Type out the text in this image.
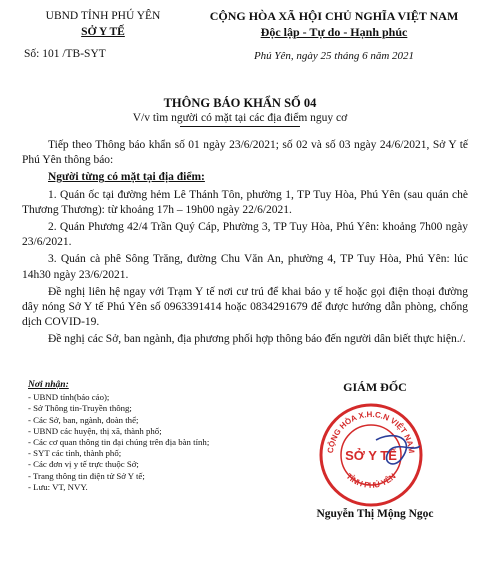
UBND TỈNH PHÚ YÊN
SỞ Y TẾ
Số: 101 /TB-SYT
CỘNG HÒA XÃ HỘI CHỦ NGHĨA VIỆT NAM
Độc lập - Tự do - Hạnh phúc
Phú Yên, ngày 25 tháng 6 năm 2021
THÔNG BÁO KHẨN SỐ 04
V/v tìm người có mặt tại các địa điểm nguy cơ

Tiếp theo Thông báo khẩn số 01 ngày 23/6/2021; số 02 và số 03 ngày 24/6/2021, Sở Y tế Phú Yên thông báo:

Người từng có mặt tại địa điểm:

1. Quán ốc tại đường hẻm Lê Thánh Tôn, phường 1, TP Tuy Hòa, Phú Yên (sau quán chè Thương Thương): từ khoảng 17h – 19h00 ngày 22/6/2021.

2. Quán Phương 42/4 Trần Quý Cáp, Phường 3, TP Tuy Hòa, Phú Yên: khoảng 7h00 ngày 23/6/2021.

3. Quán cà phê Sông Trăng, đường Chu Văn An, phường 4, TP Tuy Hòa, Phú Yên: lúc 14h30 ngày 23/6/2021.

Đề nghị liên hệ ngay với Trạm Y tế nơi cư trú để khai báo y tế hoặc gọi điện thoại đường dây nóng Sở Y tế Phú Yên số 0963391414 hoặc 0834291679 để được hướng dẫn phòng, chống dịch COVID-19.

Đề nghị các Sở, ban ngành, địa phương phối hợp thông báo đến người dân biết thực hiện./.

Nơi nhận:
- UBND tỉnh(báo cáo);
- Sở Thông tin-Truyền thông;
- Các Sở, ban, ngành, đoàn thể;
- UBND các huyện, thị xã, thành phố;
- Các cơ quan thông tin đại chúng trên địa bàn tỉnh;
- SYT các tỉnh, thành phố;
- Các đơn vị y tế trực thuộc Sở;
- Trang thông tin điện tử Sở Y tế;
- Lưu: VT, NVY.
GIÁM ĐỐC
CỘNG HÒA X.H.C.N VIỆT NAM
TỈNH PHÚ YÊN
SỞ Y TẾ
Nguyễn Thị Mộng Ngọc
